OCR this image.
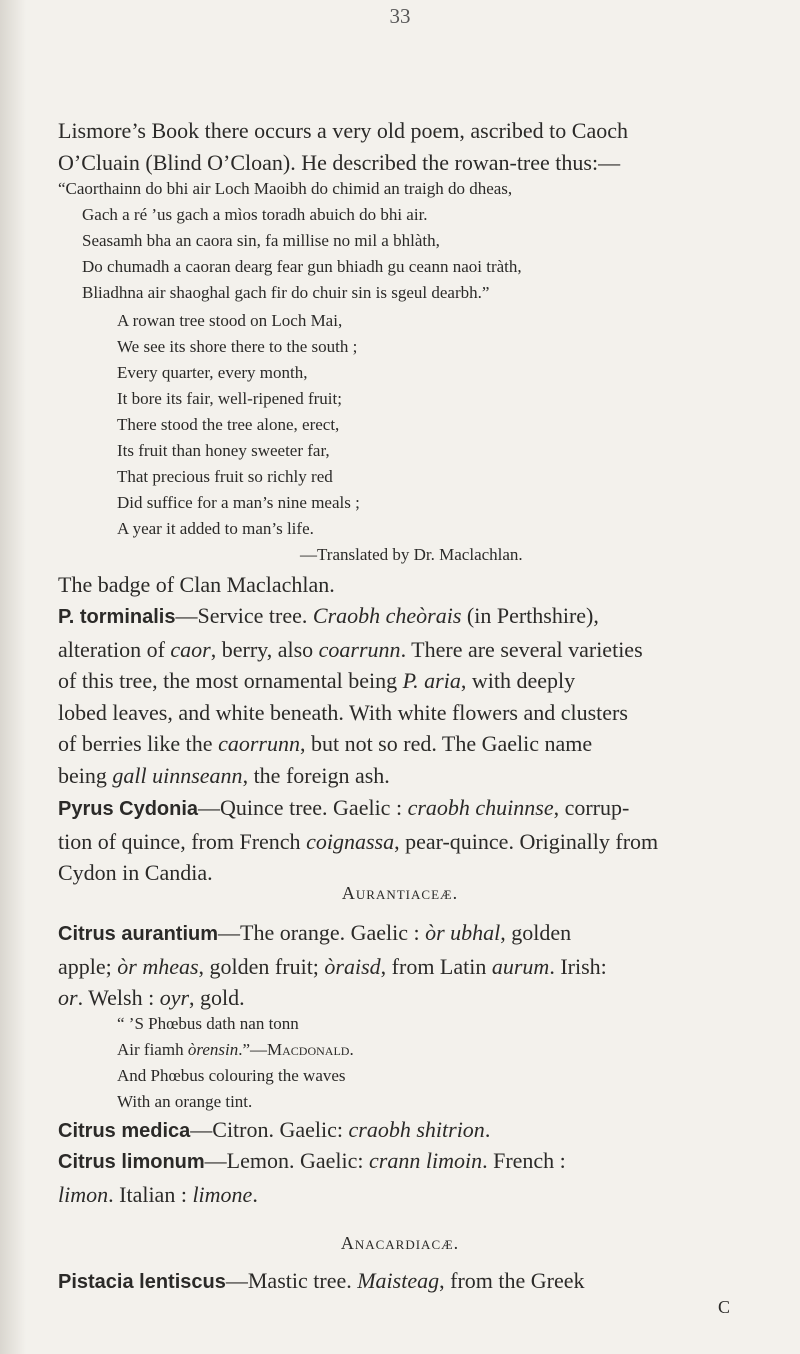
33
Lismore’s Book there occurs a very old poem, ascribed to Caoch
O’Cluain (Blind O’Cloan). He described the rowan-tree thus:—
“Caorthainn do bhi air Loch Maoibh do chimid an traigh do dheas,
Gach a ré ’us gach a mìos toradh abuich do bhi air.
Seasamh bha an caora sin, fa millise no mil a bhlàth,
Do chumadh a caoran dearg fear gun bhiadh gu ceann naoi tràth,
Bliadhna air shaoghal gach fir do chuir sin is sgeul dearbh.”
A rowan tree stood on Loch Mai,
We see its shore there to the south ;
Every quarter, every month,
It bore its fair, well-ripened fruit;
There stood the tree alone, erect,
Its fruit than honey sweeter far,
That precious fruit so richly red
Did suffice for a man’s nine meals ;
A year it added to man’s life.
—Translated by Dr. Maclachlan.
The badge of Clan Maclachlan.
P. torminalis—Service tree. Craobh cheòrais (in Perthshire),
alteration of caor, berry, also coarrunn. There are several varieties
of this tree, the most ornamental being P. aria, with deeply
lobed leaves, and white beneath. With white flowers and clusters
of berries like the caorrunn, but not so red. The Gaelic name
being gall uinnseann, the foreign ash.
Pyrus Cydonia—Quince tree. Gaelic : craobh chuinnse, corrup-
tion of quince, from French coignassa, pear-quince. Originally from
Cydon in Candia.
Aurantiaceæ.
Citrus aurantium—The orange. Gaelic : òr ubhal, golden
apple; òr mheas, golden fruit; òraisd, from Latin aurum. Irish:
or. Welsh : oyr, gold.
“ ’S Phœbus dath nan tonn
Air fiamh òrensin.”—Macdonald.
And Phœbus colouring the waves
With an orange tint.
Citrus medica—Citron. Gaelic: craobh shitrion.
Citrus limonum—Lemon. Gaelic: crann limoin. French :
limon. Italian : limone.
Anacardiacæ.
Pistacia lentiscus—Mastic tree. Maisteag, from the Greek
C
